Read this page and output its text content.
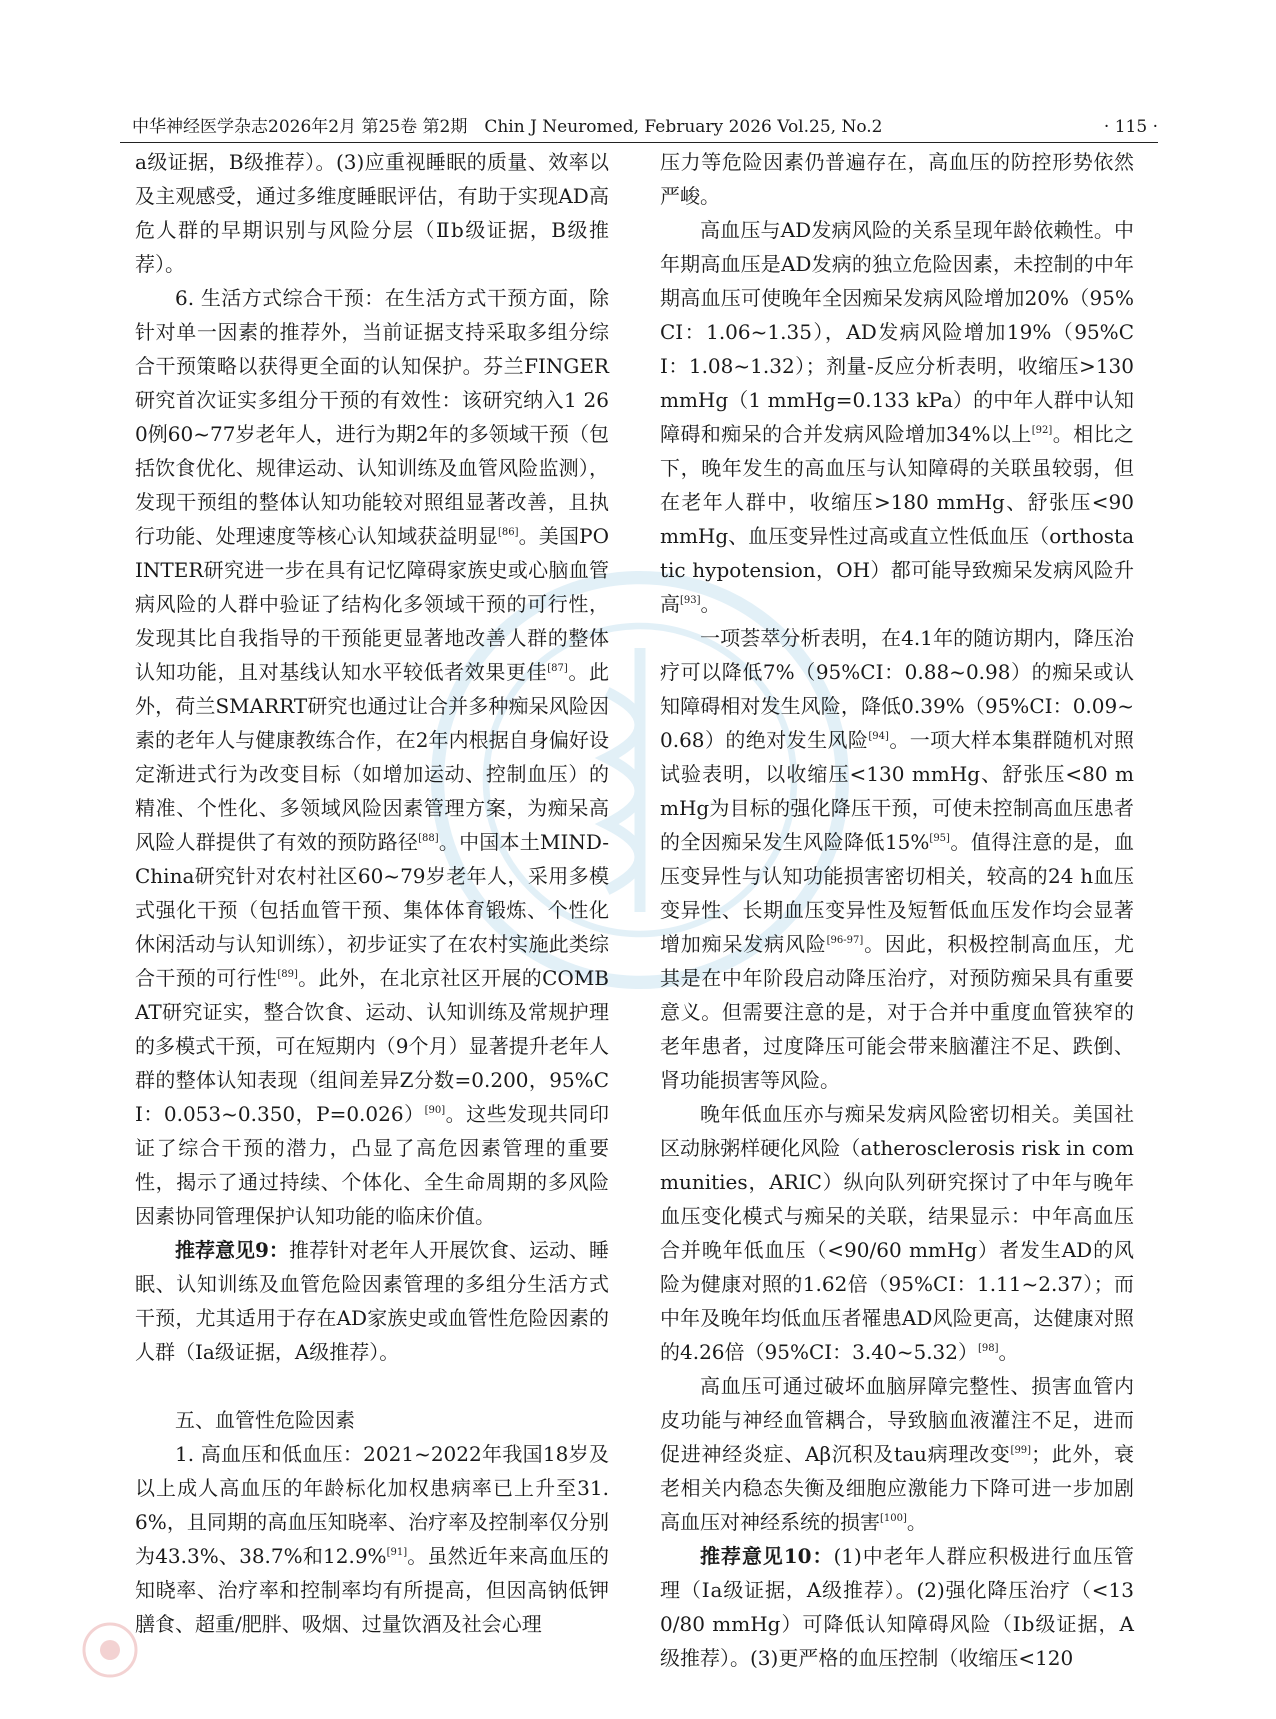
中华神经医学杂志2026年2月 第25卷 第2期　Chin J Neuromed, February 2026 Vol.25, No.2	· 115 ·

a级证据，B级推荐）。(3)应重视睡眠的质量、效率以及主观感受，通过多维度睡眠评估，有助于实现AD高危人群的早期识别与风险分层（Ⅱb级证据，B级推荐）。

6. 生活方式综合干预：在生活方式干预方面，除针对单一因素的推荐外，当前证据支持采取多组分综合干预策略以获得更全面的认知保护。芬兰FINGER研究首次证实多组分干预的有效性：该研究纳入1 260例60~77岁老年人，进行为期2年的多领域干预（包括饮食优化、规律运动、认知训练及血管风险监测），发现干预组的整体认知功能较对照组显著改善，且执行功能、处理速度等核心认知域获益明显[86]。美国POINTER研究进一步在具有记忆障碍家族史或心脑血管病风险的人群中验证了结构化多领域干预的可行性，发现其比自我指导的干预能更显著地改善人群的整体认知功能，且对基线认知水平较低者效果更佳[87]。此外，荷兰SMARRT研究也通过让合并多种痴呆风险因素的老年人与健康教练合作，在2年内根据自身偏好设定渐进式行为改变目标（如增加运动、控制血压）的精准、个性化、多领域风险因素管理方案，为痴呆高风险人群提供了有效的预防路径[88]。中国本土MIND-China研究针对农村社区60~79岁老年人，采用多模式强化干预（包括血管干预、集体体育锻炼、个性化休闲活动与认知训练），初步证实了在农村实施此类综合干预的可行性[89]。此外，在北京社区开展的COMBAT研究证实，整合饮食、运动、认知训练及常规护理的多模式干预，可在短期内（9个月）显著提升老年人群的整体认知表现（组间差异Z分数=0.200，95%CI：0.053~0.350，P=0.026）[90]。这些发现共同印证了综合干预的潜力，凸显了高危因素管理的重要性，揭示了通过持续、个体化、全生命周期的多风险因素协同管理保护认知功能的临床价值。

推荐意见9：推荐针对老年人开展饮食、运动、睡眠、认知训练及血管危险因素管理的多组分生活方式干预，尤其适用于存在AD家族史或血管性危险因素的人群（Ⅰa级证据，A级推荐）。

五、血管性危险因素

1. 高血压和低血压：2021~2022年我国18岁及以上成人高血压的年龄标化加权患病率已上升至31.6%，且同期的高血压知晓率、治疗率及控制率仅分别为43.3%、38.7%和12.9%[91]。虽然近年来高血压的知晓率、治疗率和控制率均有所提高，但因高钠低钾膳食、超重/肥胖、吸烟、过量饮酒及社会心理

压力等危险因素仍普遍存在，高血压的防控形势依然严峻。

高血压与AD发病风险的关系呈现年龄依赖性。中年期高血压是AD发病的独立危险因素，未控制的中年期高血压可使晚年全因痴呆发病风险增加20%（95%CI：1.06~1.35），AD发病风险增加19%（95%CI：1.08~1.32）；剂量-反应分析表明，收缩压>130 mmHg（1 mmHg=0.133 kPa）的中年人群中认知障碍和痴呆的合并发病风险增加34%以上[92]。相比之下，晚年发生的高血压与认知障碍的关联虽较弱，但在老年人群中，收缩压>180 mmHg、舒张压<90 mmHg、血压变异性过高或直立性低血压（orthostatic hypotension，OH）都可能导致痴呆发病风险升高[93]。

一项荟萃分析表明，在4.1年的随访期内，降压治疗可以降低7%（95%CI：0.88~0.98）的痴呆或认知障碍相对发生风险，降低0.39%（95%CI：0.09~0.68）的绝对发生风险[94]。一项大样本集群随机对照试验表明，以收缩压<130 mmHg、舒张压<80 mmHg为目标的强化降压干预，可使未控制高血压患者的全因痴呆发生风险降低15%[95]。值得注意的是，血压变异性与认知功能损害密切相关，较高的24 h血压变异性、长期血压变异性及短暂低血压发作均会显著增加痴呆发病风险[96-97]。因此，积极控制高血压，尤其是在中年阶段启动降压治疗，对预防痴呆具有重要意义。但需要注意的是，对于合并中重度血管狭窄的老年患者，过度降压可能会带来脑灌注不足、跌倒、肾功能损害等风险。

晚年低血压亦与痴呆发病风险密切相关。美国社区动脉粥样硬化风险（atherosclerosis risk in communities，ARIC）纵向队列研究探讨了中年与晚年血压变化模式与痴呆的关联，结果显示：中年高血压合并晚年低血压（<90/60 mmHg）者发生AD的风险为健康对照的1.62倍（95%CI：1.11~2.37）；而中年及晚年均低血压者罹患AD风险更高，达健康对照的4.26倍（95%CI：3.40~5.32）[98]。

高血压可通过破坏血脑屏障完整性、损害血管内皮功能与神经血管耦合，导致脑血液灌注不足，进而促进神经炎症、Aβ沉积及tau病理改变[99]；此外，衰老相关内稳态失衡及细胞应激能力下降可进一步加剧高血压对神经系统的损害[100]。

推荐意见10：(1)中老年人群应积极进行血压管理（Ⅰa级证据，A级推荐）。(2)强化降压治疗（<130/80 mmHg）可降低认知障碍风险（Ⅰb级证据，A级推荐）。(3)更严格的血压控制（收缩压<120
